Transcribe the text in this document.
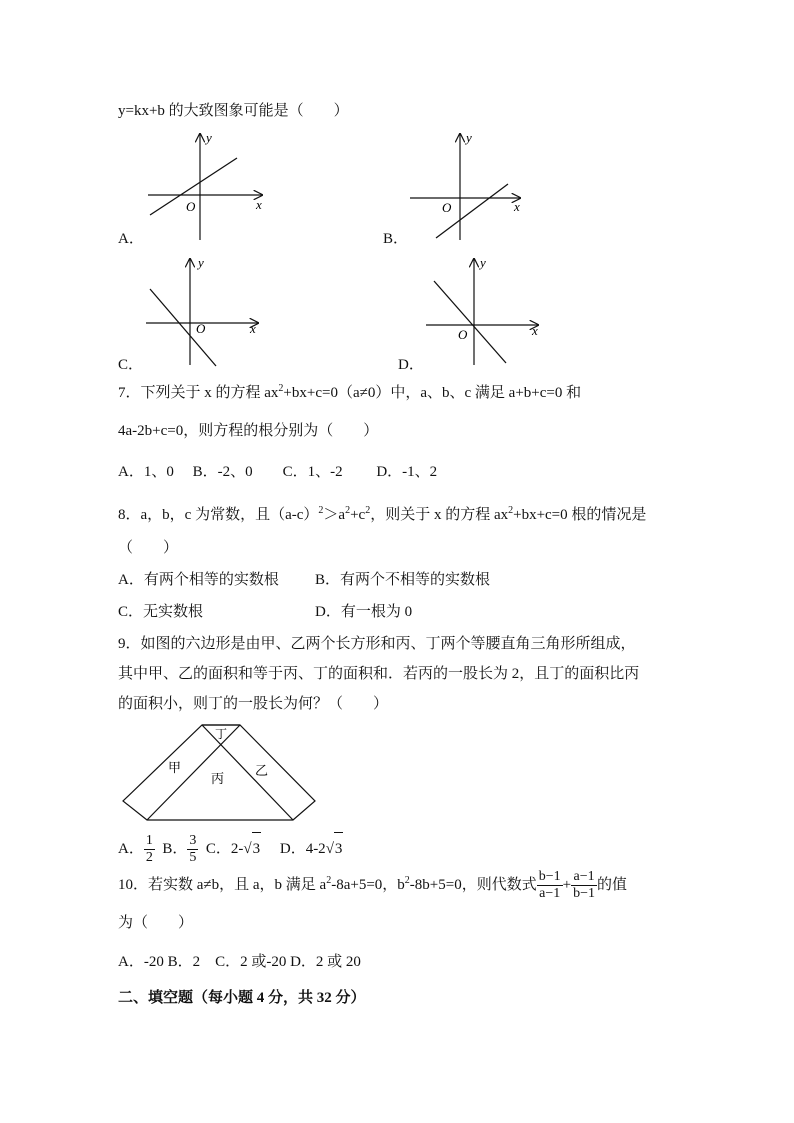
y=kx+b 的大致图象可能是（　　）
O	x
y
A．
O	x
y
B．
O	x
y
C．
O	x
y
D．
7．下列关于 x 的方程 $ax^2+bx+c=0(a\ne 0)$中，a、b、c 满足 a+b+c=0 和
4a-2b+c=0，则方程的根分别为（　　）
A．1、0　 B．-2、0　　C．1、-2　　 D．-1、2
8．a，b，c 为常数，且$(a-c)^2>a^2+c^2$，则关于 x 的方程 $ax^2+bx+c=0$ 根的情况是
（　　）
A．有两个相等的实数根 B．有两个不相等的实数根
C．无实数根	D．有一根为 0
9．如图的六边形是由甲、乙两个长方形和丙、丁两个等腰直角三角形所组成，
其中甲、乙的面积和等于丙、丁的面积和．若丙的一股长为 2，且丁的面积比丙
的面积小，则丁的一股长为何？（　　）
甲	乙
丙
丁
A． $\frac{1}{2}$ B． $\frac{3}{5}$ C．2-√3 D．4-2√3
10．若实数 a≠b，且 a，b 满足 $a^2-8a+5=0$，$b^2-8b+5=0$，则代数式 $\frac{b-1}{a-1} + \frac{a-1}{b-1}$ 的值
为（　　）
A．-20 B．2　C．2 或-20 D．2 或 20
二、填空题（每小题 4 分，共 32 分）
